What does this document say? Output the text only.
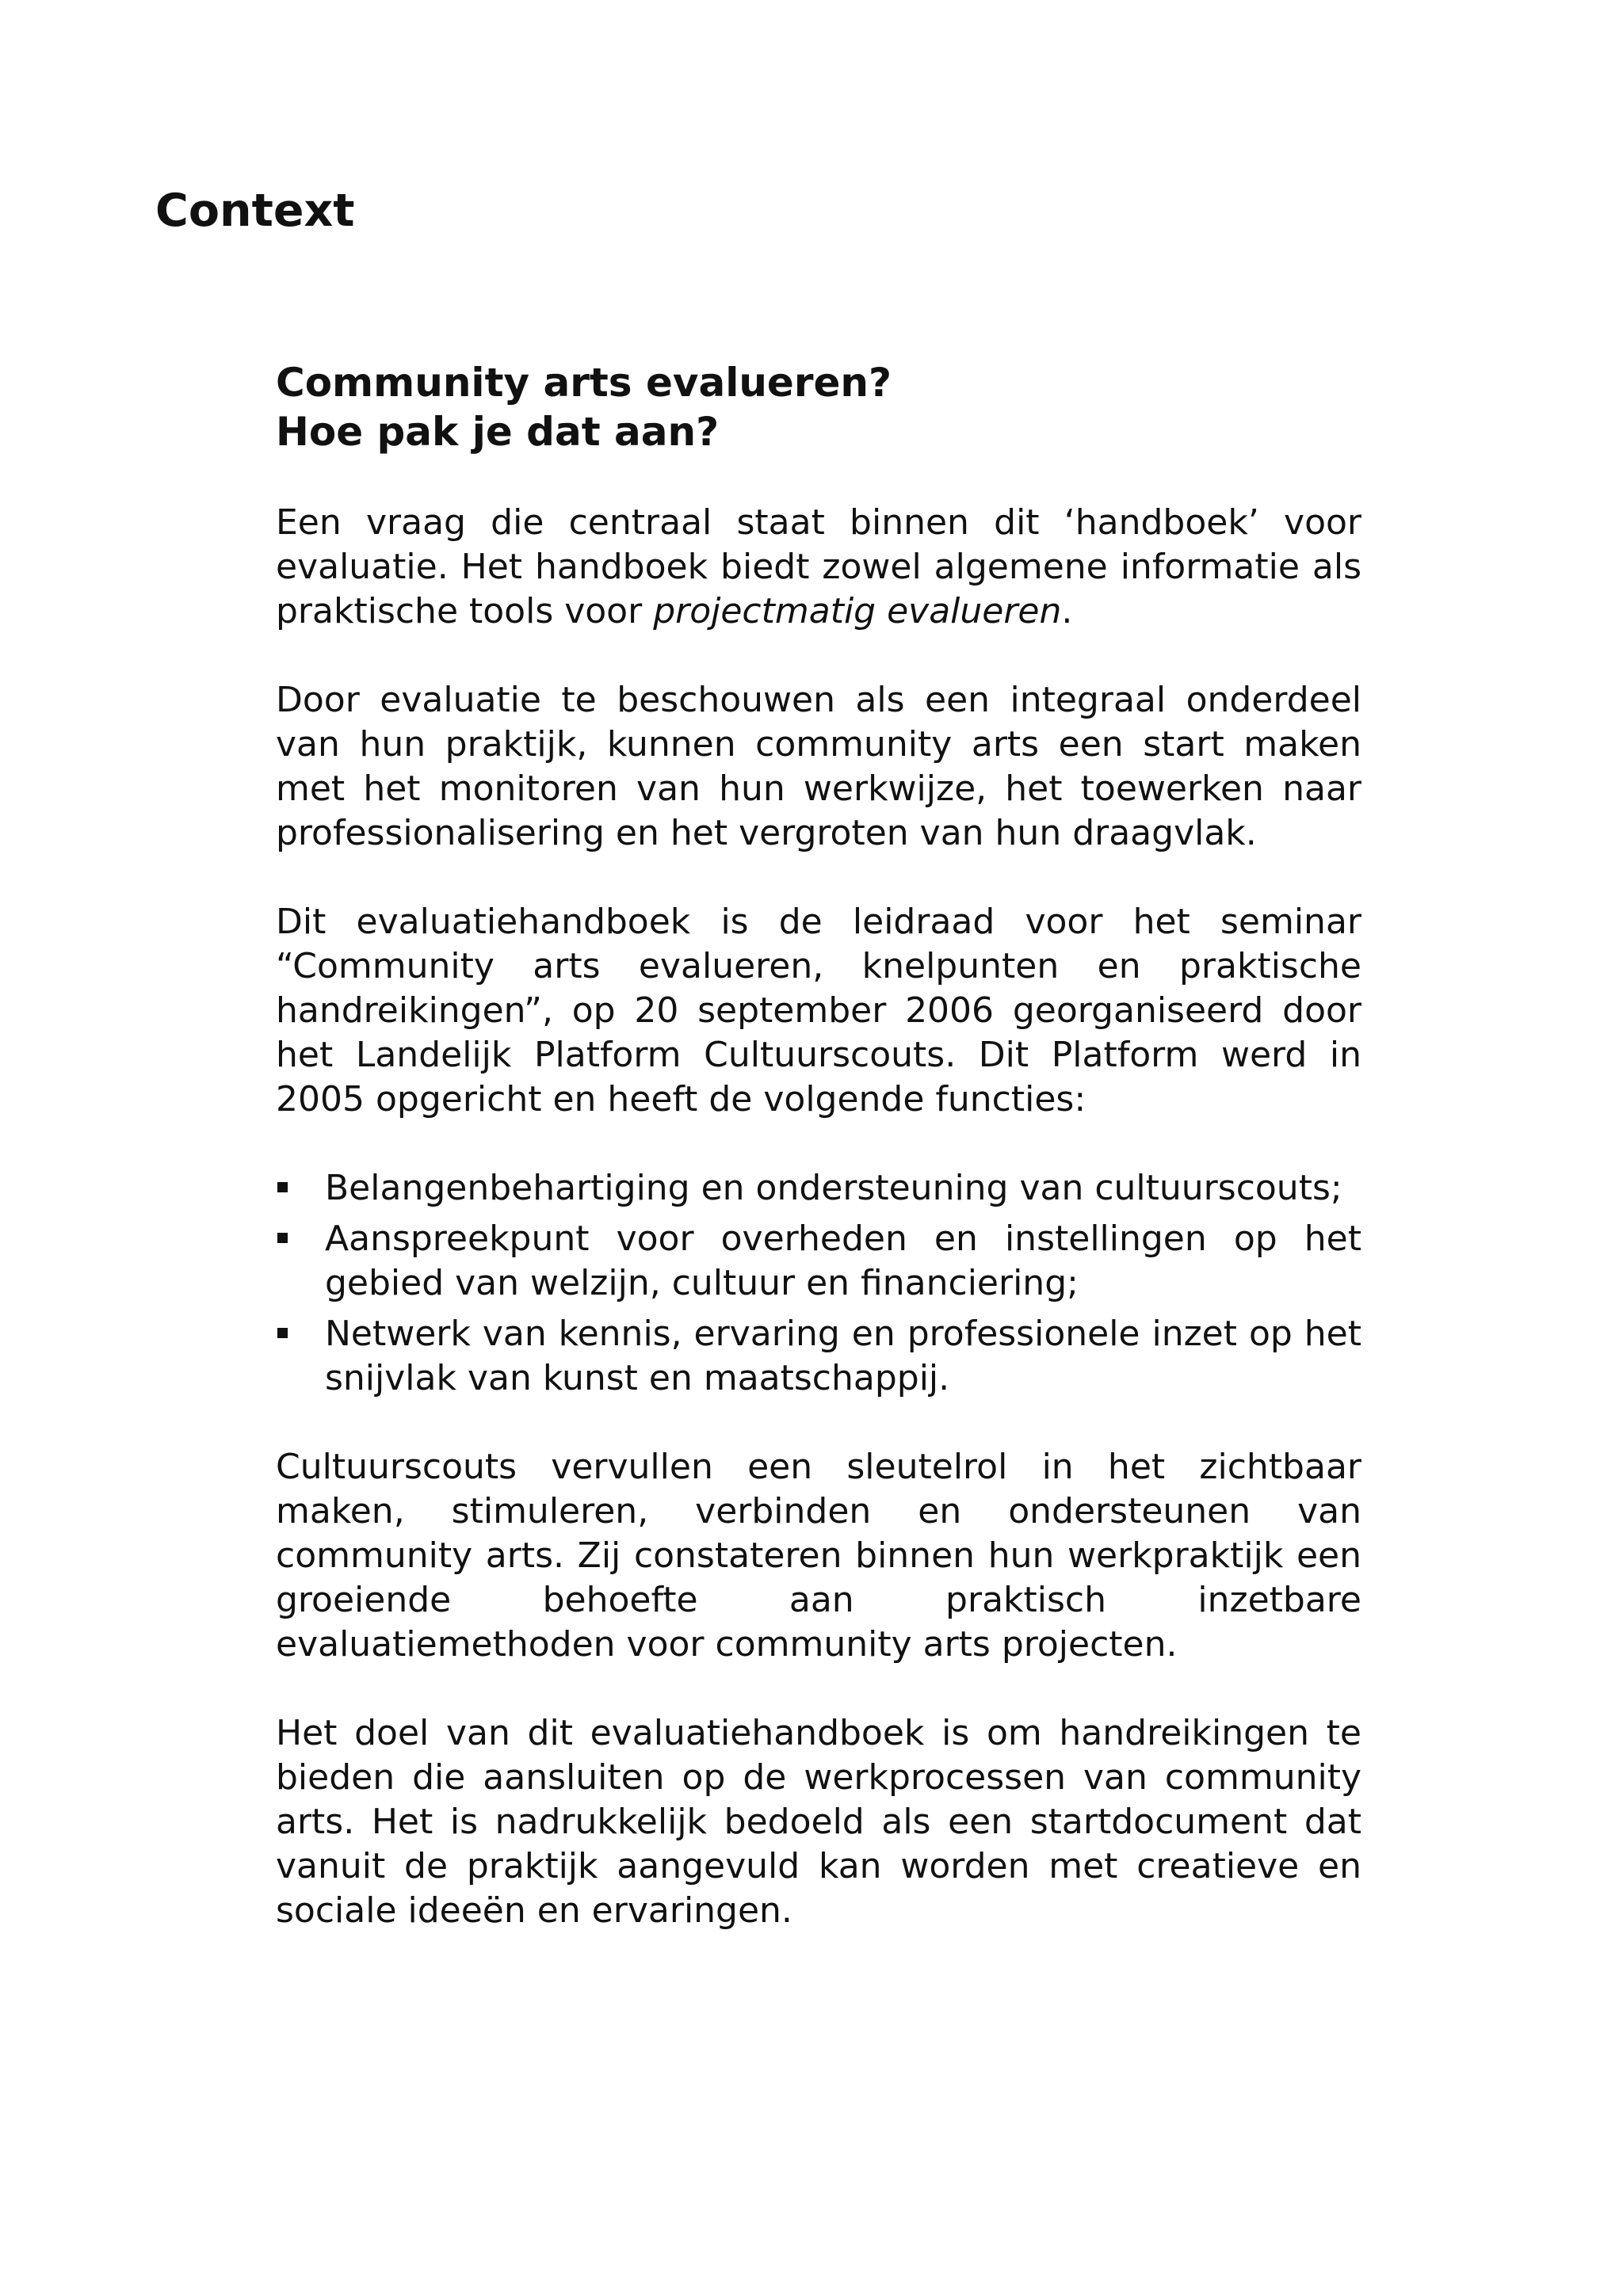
Context
Community arts evalueren?
Hoe pak je dat aan?

Een vraag die centraal staat binnen dit ‘handboek’ voor evaluatie. Het handboek biedt zowel algemene informatie als praktische tools voor projectmatig evalueren.

Door evaluatie te beschouwen als een integraal onderdeel van hun praktijk, kunnen community arts een start maken met het monitoren van hun werkwijze, het toewerken naar professionalisering en het vergroten van hun draagvlak.

Dit evaluatiehandboek is de leidraad voor het seminar “Community arts evalueren, knelpunten en praktische handreikingen”, op 20 september 2006 georganiseerd door het Landelijk Platform Cultuurscouts. Dit Platform werd in 2005 opgericht en heeft de volgende functies:

Belangenbehartiging en ondersteuning van cultuurscouts;
Aanspreekpunt voor overheden en instellingen op het gebied van welzijn, cultuur en financiering;
Netwerk van kennis, ervaring en professionele inzet op het snijvlak van kunst en maatschappij.

Cultuurscouts vervullen een sleutelrol in het zichtbaar maken, stimuleren, verbinden en ondersteunen van community arts. Zij constateren binnen hun werkpraktijk een groeiende behoefte aan praktisch inzetbare evaluatiemethoden voor community arts projecten.

Het doel van dit evaluatiehandboek is om handreikingen te bieden die aansluiten op de werkprocessen van community arts. Het is nadrukkelijk bedoeld als een startdocument dat vanuit de praktijk aangevuld kan worden met creatieve en sociale ideeën en ervaringen.
